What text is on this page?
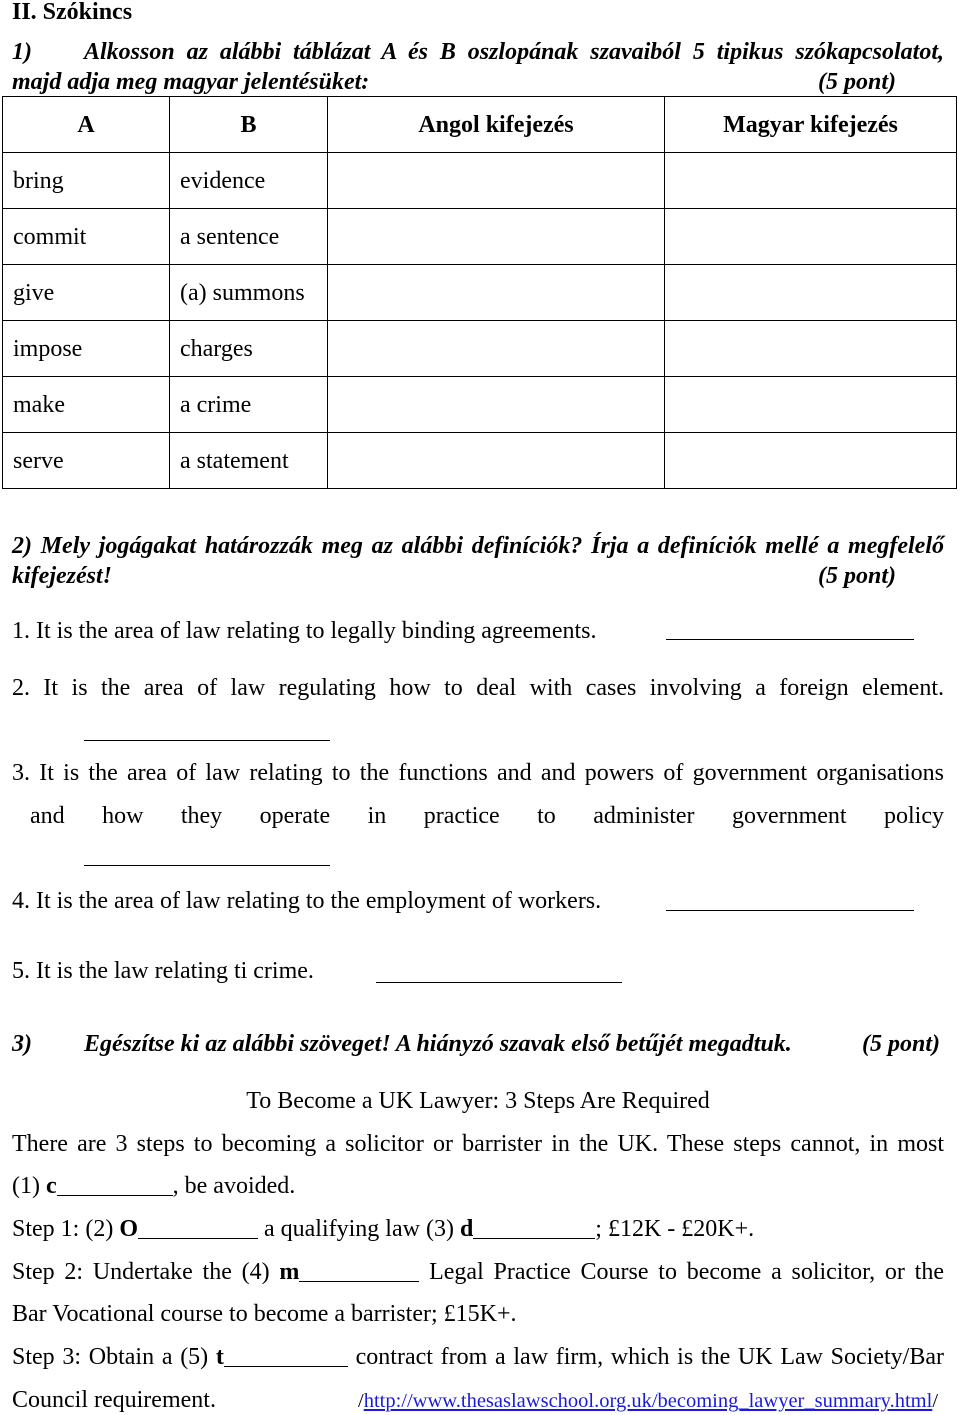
II. Szókincs
1) Alkosson az alábbi táblázat A és B oszlopának szavaiból 5 tipikus szókapcsolatot,
majd adja meg magyar jelentésüket:	(5 pont)
A	B	Angol kifejezés	Magyar kifejezés
bring	evidence		
commit	a sentence		
give	(a) summons		
impose	charges		
make	a crime		
serve	a statement		
2) Mely jogágakat határozzák meg az alábbi definíciók? Írja a definíciók mellé a megfelelő
kifejezést!	(5 pont)
1. It is the area of law relating to legally binding agreements.
2. It is the area of law regulating how to deal with cases involving a foreign element.
3. It is the area of law relating to the functions and and powers of government organisations
and how they operate in practice to administer government policy
4. It is the area of law relating to the employment of workers.
5. It is the law relating ti crime.
3) Egészítse ki az alábbi szöveget! A hiányzó szavak első betűjét megadtuk.	(5 pont)
To Become a UK Lawyer: 3 Steps Are Required
There are 3 steps to becoming a solicitor or barrister in the UK. These steps cannot, in most
(1) c	, be avoided.
Step 1: (2) O	a qualifying law (3) d	; £12K - £20K+.
Step 2: Undertake the (4) m	Legal Practice Course to become a solicitor, or the
Bar Vocational course to become a barrister; £15K+.
Step 3: Obtain a (5) t	contract from a law firm, which is the UK Law Society/Bar
Council requirement.	/http://www.thesaslawschool.org.uk/becoming_lawyer_summary.html/
